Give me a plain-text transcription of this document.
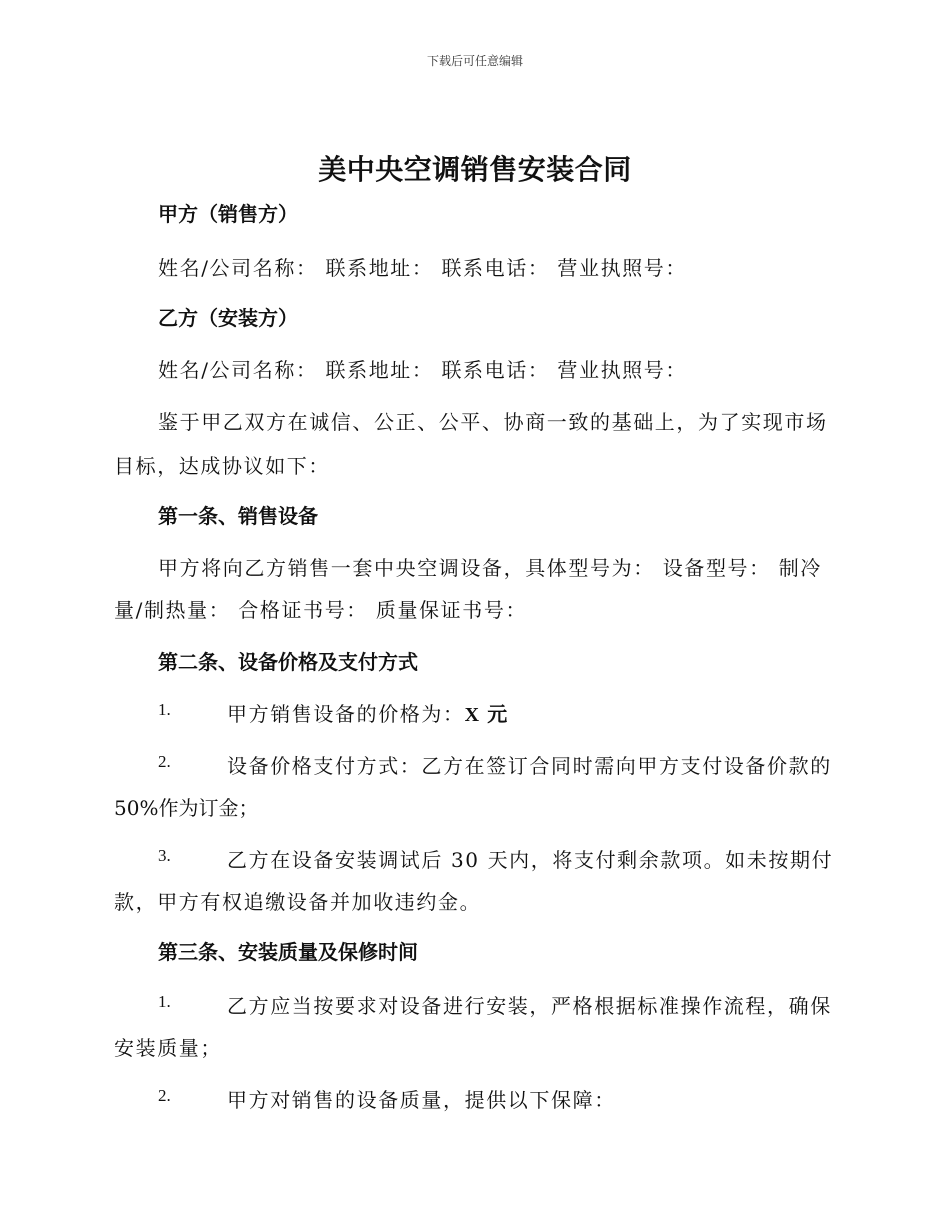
下载后可任意编辑
美中央空调销售安装合同
甲方（销售方）
姓名/公司名称： 联系地址： 联系电话： 营业执照号：
乙方（安装方）
姓名/公司名称： 联系地址： 联系电话： 营业执照号：
鉴于甲乙双方在诚信、公正、公平、协商一致的基础上，为了实现市场
目标，达成协议如下：
第一条、销售设备
甲方将向乙方销售一套中央空调设备，具体型号为： 设备型号： 制冷
量/制热量： 合格证书号： 质量保证书号：
第二条、设备价格及支付方式
1.	甲方销售设备的价格为：X 元
2.	设备价格支付方式：乙方在签订合同时需向甲方支付设备价款的
50%作为订金；
3.	乙方在设备安装调试后 30 天内，将支付剩余款项。如未按期付
款，甲方有权追缴设备并加收违约金。
第三条、安装质量及保修时间
1.	乙方应当按要求对设备进行安装，严格根据标准操作流程，确保
安装质量；
2.	甲方对销售的设备质量，提供以下保障：
